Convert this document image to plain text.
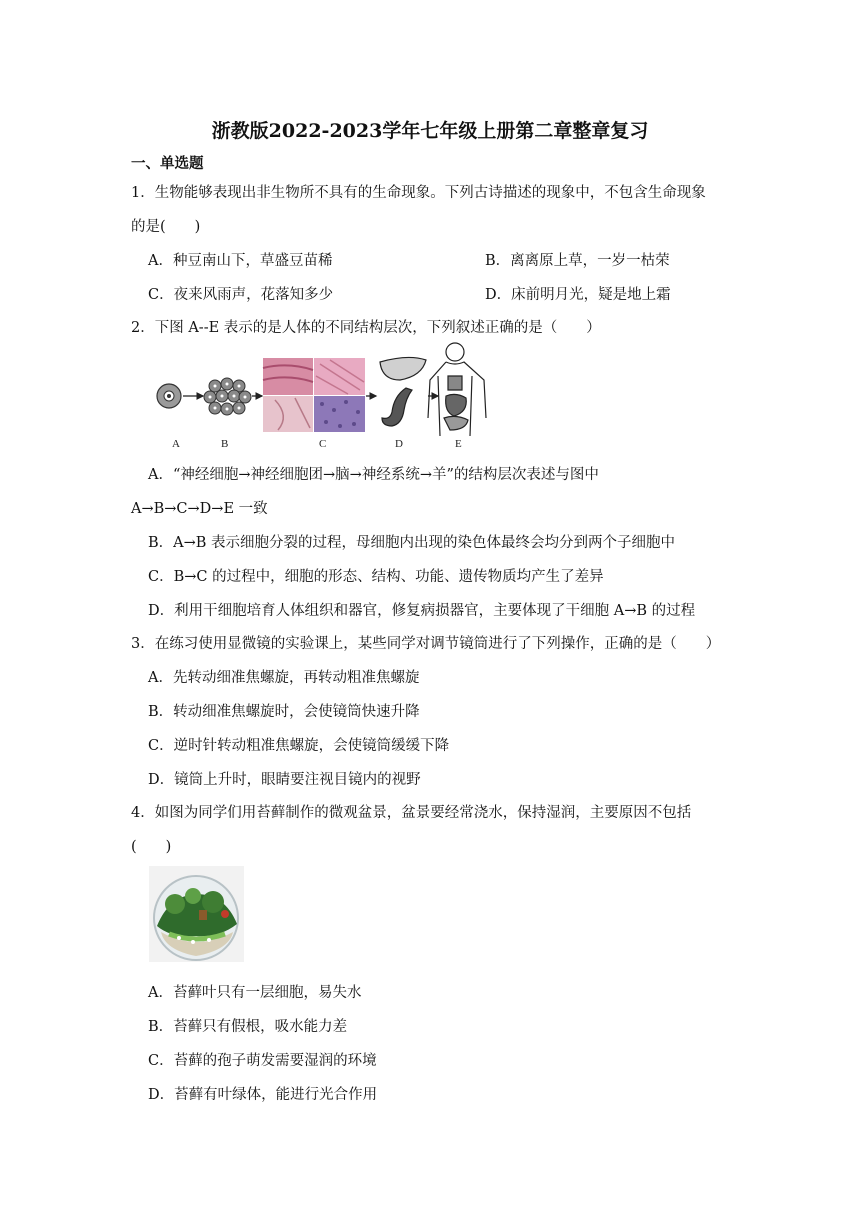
浙教版2022-2023学年七年级上册第二章整章复习
一、单选题
1．生物能够表现出非生物所不具有的生命现象。下列古诗描述的现象中，不包含生命现象
的是(　　)
A．种豆南山下，草盛豆苗稀	B．离离原上草，一岁一枯荣
C．夜来风雨声，花落知多少	D．床前明月光，疑是地上霜
2．下图 A--E 表示的是人体的不同结构层次，下列叙述正确的是（　　）
A	B	C	D	E
A．“神经细胞→神经细胞团→脑→神经系统→羊”的结构层次表述与图中
A→B→C→D→E 一致
B．A→B 表示细胞分裂的过程，母细胞内出现的染色体最终会均分到两个子细胞中
C．B→C 的过程中，细胞的形态、结构、功能、遗传物质均产生了差异
D．利用干细胞培育人体组织和器官，修复病损器官，主要体现了干细胞 A→B 的过程
3．在练习使用显微镜的实验课上，某些同学对调节镜筒进行了下列操作，正确的是（　　）
A．先转动细准焦螺旋，再转动粗准焦螺旋
B．转动细准焦螺旋时，会使镜筒快速升降
C．逆时针转动粗准焦螺旋，会使镜筒缓缓下降
D．镜筒上升时，眼睛要注视目镜内的视野
4．如图为同学们用苔藓制作的微观盆景，盆景要经常浇水，保持湿润，主要原因不包括
(　　)
A．苔藓叶只有一层细胞，易失水
B．苔藓只有假根，吸水能力差
C．苔藓的孢子萌发需要湿润的环境
D．苔藓有叶绿体，能进行光合作用
